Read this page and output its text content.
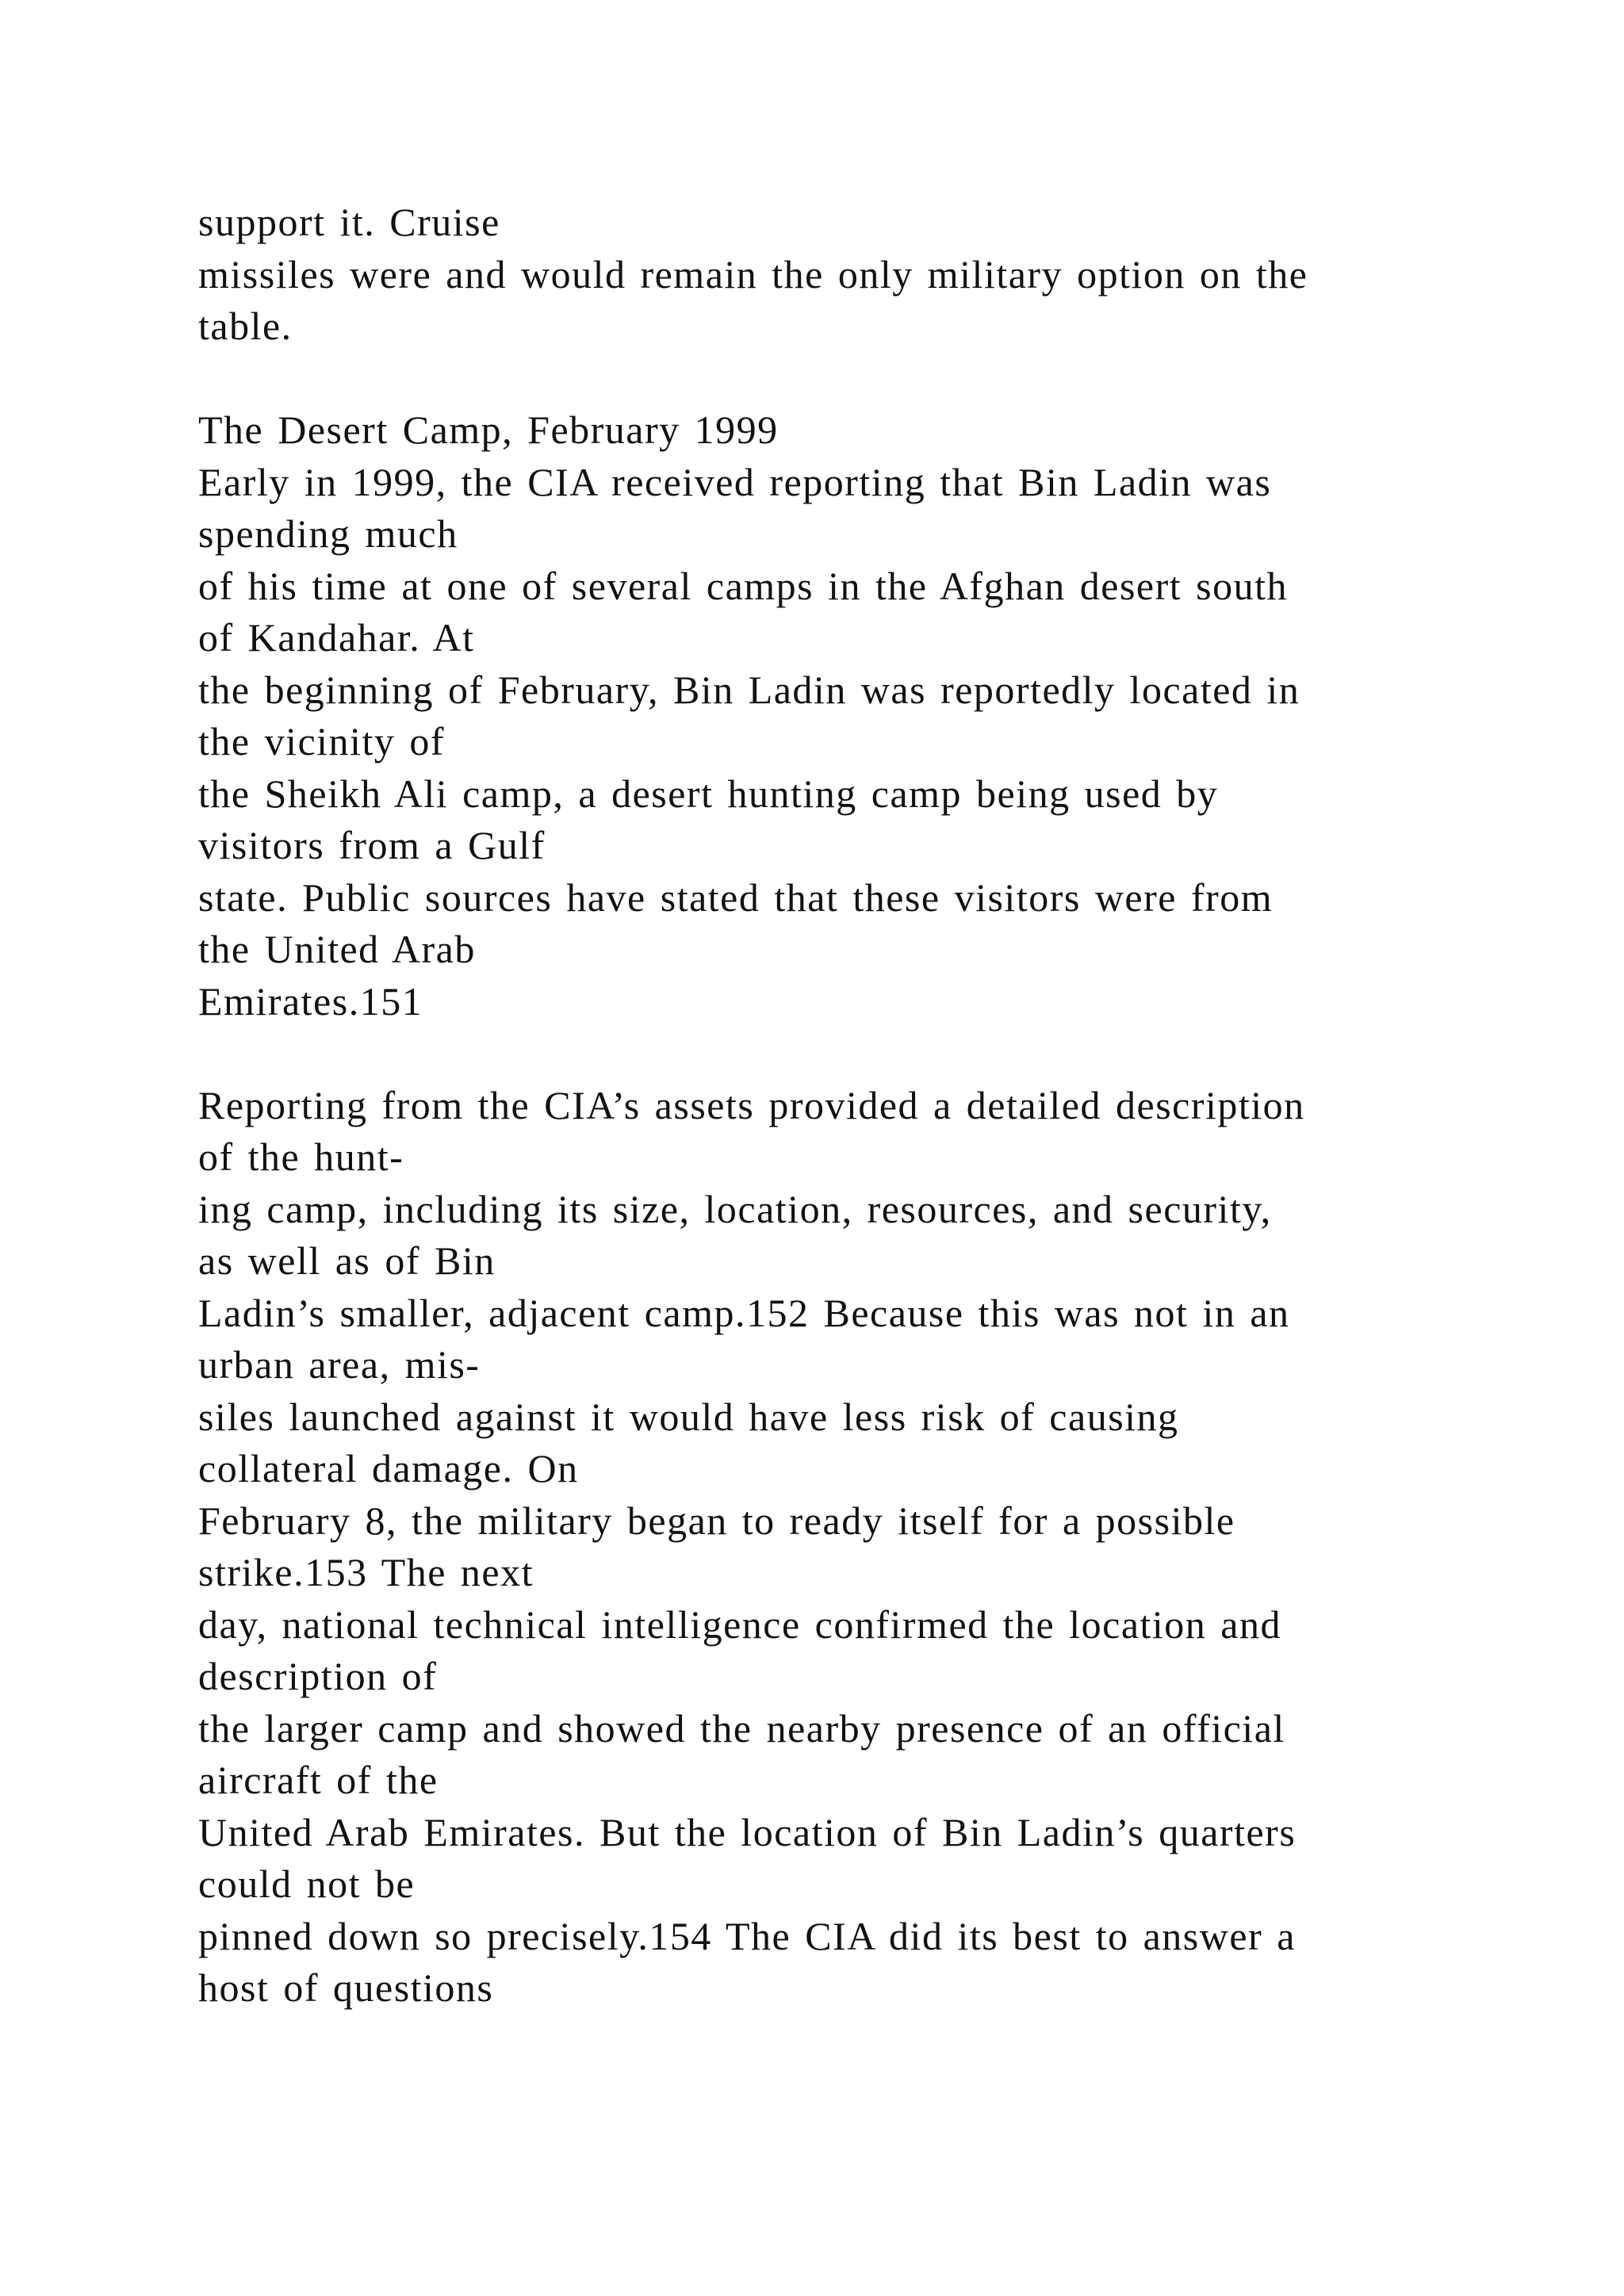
support it. Cruise
missiles were and would remain the only military option on the
table.
The Desert Camp, February 1999
Early in 1999, the CIA received reporting that Bin Ladin was
spending much
of his time at one of several camps in the Afghan desert south
of Kandahar. At
the beginning of February, Bin Ladin was reportedly located in
the vicinity of
the Sheikh Ali camp, a desert hunting camp being used by
visitors from a Gulf
state. Public sources have stated that these visitors were from
the United Arab
Emirates.151
Reporting from the CIA’s assets provided a detailed description
of the hunt-
ing camp, including its size, location, resources, and security,
as well as of Bin
Ladin’s smaller, adjacent camp.152 Because this was not in an
urban area, mis-
siles launched against it would have less risk of causing
collateral damage. On
February 8, the military began to ready itself for a possible
strike.153 The next
day, national technical intelligence confirmed the location and
description of
the larger camp and showed the nearby presence of an official
aircraft of the
United Arab Emirates. But the location of Bin Ladin’s quarters
could not be
pinned down so precisely.154 The CIA did its best to answer a
host of questions
